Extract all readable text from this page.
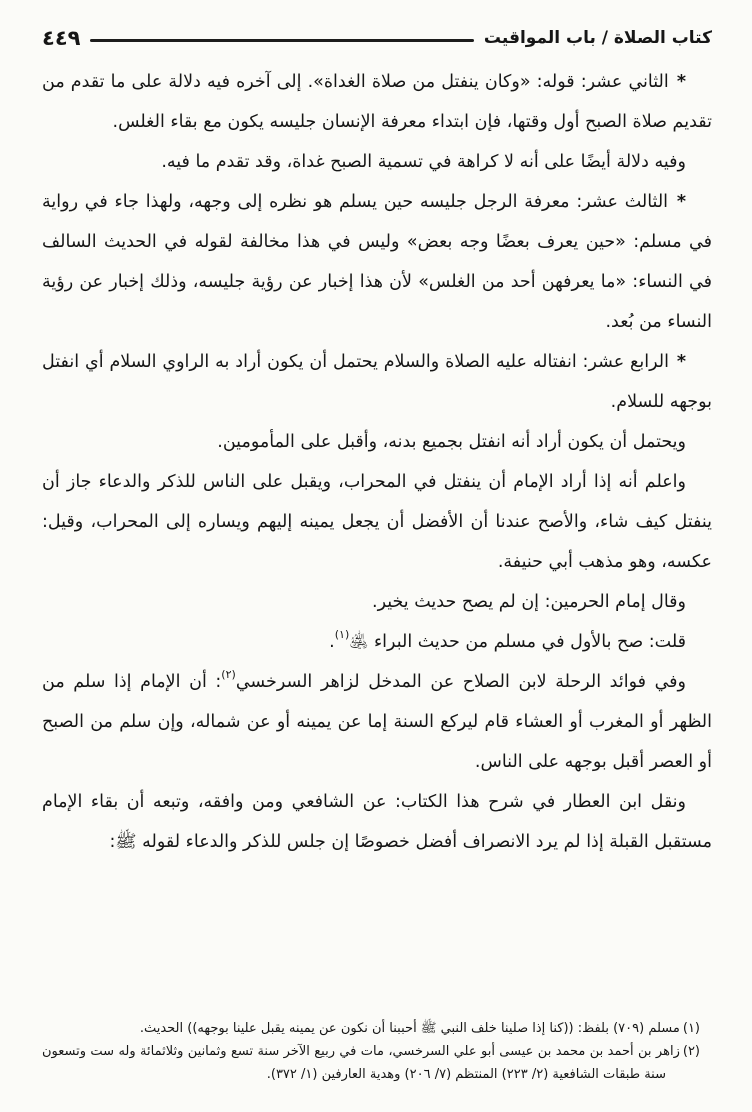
كتاب الصلاة / باب المواقيت
٤٤٩

* الثاني عشر: قوله: «وكان ينفتل من صلاة الغداة». إلى آخره فيه دلالة على ما تقدم من تقديم صلاة الصبح أول وقتها، فإن ابتداء معرفة الإنسان جليسه يكون مع بقاء الغلس.

وفيه دلالة أيضًا على أنه لا كراهة في تسمية الصبح غداة، وقد تقدم ما فيه.

* الثالث عشر: معرفة الرجل جليسه حين يسلم هو نظره إلى وجهه، ولهذا جاء في رواية في مسلم: «حين يعرف بعضًا وجه بعض» وليس في هذا مخالفة لقوله في الحديث السالف في النساء: «ما يعرفهن أحد من الغلس» لأن هذا إخبار عن رؤية جليسه، وذلك إخبار عن رؤية النساء من بُعد.

* الرابع عشر: انفتاله عليه الصلاة والسلام يحتمل أن يكون أراد به الراوي السلام أي انفتل بوجهه للسلام.

ويحتمل أن يكون أراد أنه انفتل بجميع بدنه، وأقبل على المأمومين.

واعلم أنه إذا أراد الإمام أن ينفتل في المحراب، ويقبل على الناس للذكر والدعاء جاز أن ينفتل كيف شاء، والأصح عندنا أن الأفضل أن يجعل يمينه إليهم ويساره إلى المحراب، وقيل: عكسه، وهو مذهب أبي حنيفة.

وقال إمام الحرمين: إن لم يصح حديث يخير.

قلت: صح بالأول في مسلم من حديث البراء ﵁$^{(١)}$.

وفي فوائد الرحلة لابن الصلاح عن المدخل لزاهر السرخسي$^{(٢)}$: أن الإمام إذا سلم من الظهر أو المغرب أو العشاء قام ليركع السنة إما عن يمينه أو عن شماله، وإن سلم من الصبح أو العصر أقبل بوجهه على الناس.

ونقل ابن العطار في شرح هذا الكتاب: عن الشافعي ومن وافقه، وتبعه أن بقاء الإمام مستقبل القبلة إذا لم يرد الانصراف أفضل خصوصًا إن جلس للذكر والدعاء لقوله ﷺ:

(١)مسلم (٧٠٩) بلفظ: ((كنا إذا صلينا خلف النبي ﷺ أحببنا أن نكون عن يمينه يقبل علينا بوجهه)) الحديث.

(٢)زاهر بن أحمد بن محمد بن عيسى أبو علي السرخسي، مات في ربيع الآخر سنة تسع وثمانين وثلاثمائة وله ست وتسعون سنة طبقات الشافعية (٢/ ٢٢٣) المنتظم (٧/ ٢٠٦) وهدية العارفين (١/ ٣٧٢).
